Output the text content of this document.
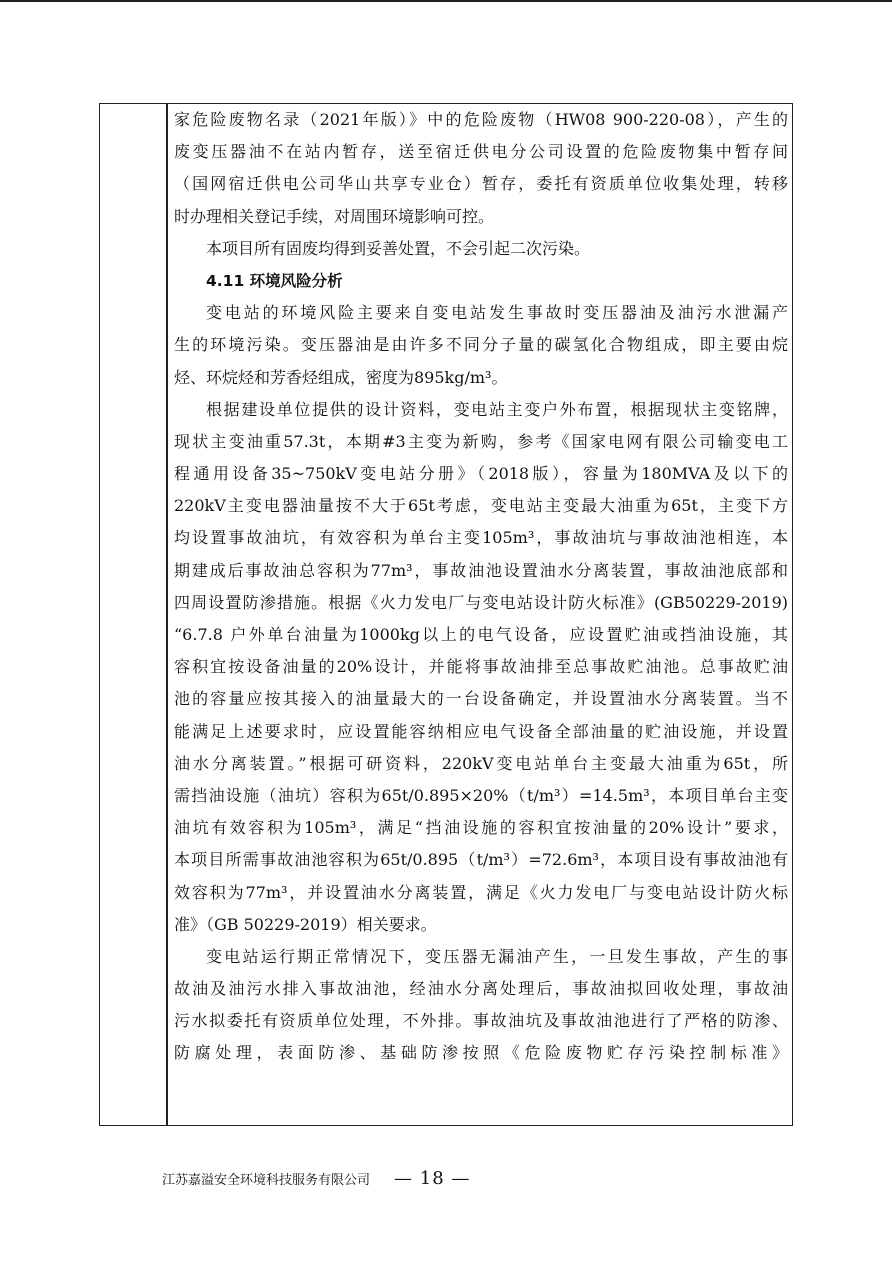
家危险废物名录（2021年版）》中的危险废物（HW08 900-220-08），产生的
废变压器油不在站内暂存，送至宿迁供电分公司设置的危险废物集中暂存间
（国网宿迁供电公司华山共享专业仓）暂存，委托有资质单位收集处理，转移
时办理相关登记手续，对周围环境影响可控。
本项目所有固废均得到妥善处置，不会引起二次污染。
4.11 环境风险分析
变电站的环境风险主要来自变电站发生事故时变压器油及油污水泄漏产
生的环境污染。变压器油是由许多不同分子量的碳氢化合物组成，即主要由烷
烃、环烷烃和芳香烃组成，密度为895kg/m³。
根据建设单位提供的设计资料，变电站主变户外布置，根据现状主变铭牌，
现状主变油重57.3t，本期#3主变为新购，参考《国家电网有限公司输变电工
程通用设备35~750kV变电站分册》（2018版），容量为180MVA及以下的
220kV主变电器油量按不大于65t考虑，变电站主变最大油重为65t，主变下方
均设置事故油坑，有效容积为单台主变105m³，事故油坑与事故油池相连，本
期建成后事故油总容积为77m³，事故油池设置油水分离装置，事故油池底部和
四周设置防渗措施。根据《火力发电厂与变电站设计防火标准》(GB50229-2019)
“6.7.8 户外单台油量为1000kg以上的电气设备，应设置贮油或挡油设施，其
容积宜按设备油量的20%设计，并能将事故油排至总事故贮油池。总事故贮油
池的容量应按其接入的油量最大的一台设备确定，并设置油水分离装置。当不
能满足上述要求时，应设置能容纳相应电气设备全部油量的贮油设施，并设置
油水分离装置。”根据可研资料，220kV变电站单台主变最大油重为65t，所
需挡油设施（油坑）容积为65t/0.895×20%（t/m³）=14.5m³，本项目单台主变
油坑有效容积为105m³，满足“挡油设施的容积宜按油量的20%设计”要求，
本项目所需事故油池容积为65t/0.895（t/m³）=72.6m³，本项目设有事故油池有
效容积为77m³，并设置油水分离装置，满足《火力发电厂与变电站设计防火标
准》（GB 50229-2019）相关要求。
变电站运行期正常情况下，变压器无漏油产生，一旦发生事故，产生的事
故油及油污水排入事故油池，经油水分离处理后，事故油拟回收处理，事故油
污水拟委托有资质单位处理，不外排。事故油坑及事故油池进行了严格的防渗、
防腐处理，表面防渗、基础防渗按照《危险废物贮存污染控制标准》
江苏嘉溢安全环境科技服务有限公司 — 18 —
